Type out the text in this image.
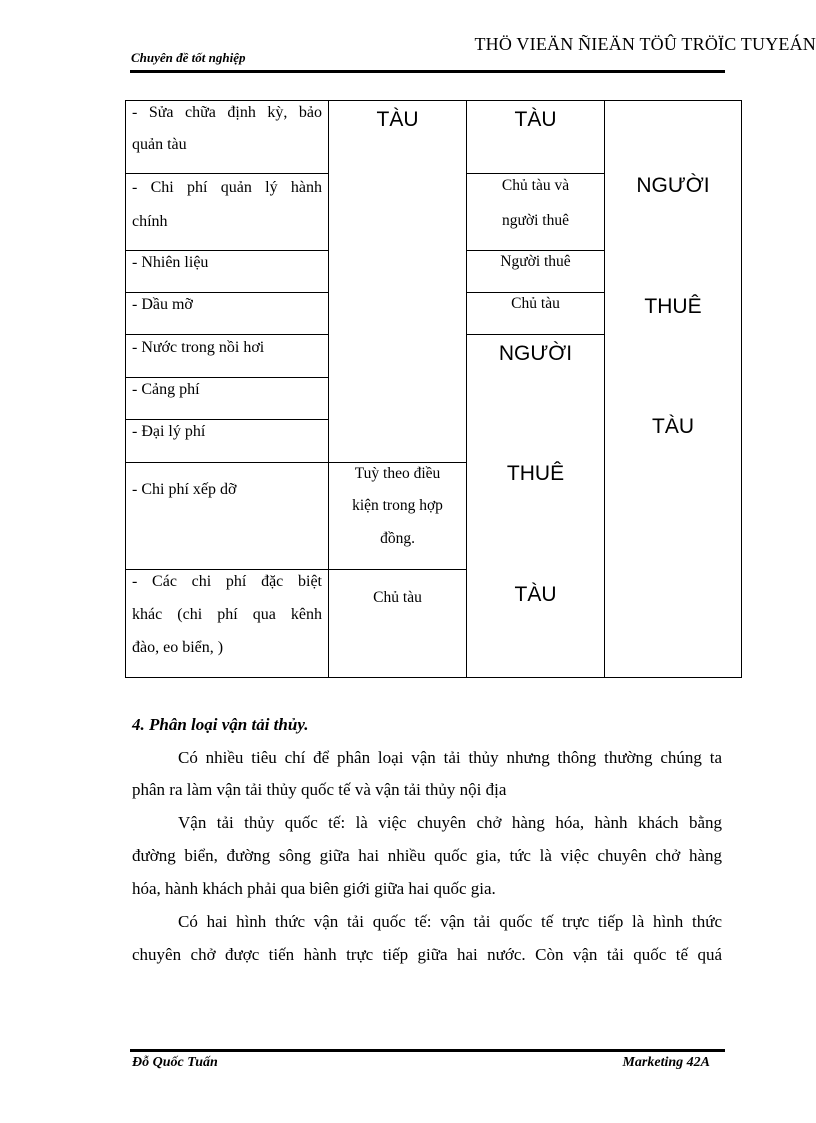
Chuyên đề tốt nghiệp
THÖ VIEÄN ÑIEÄN TÖÛ TRÖÏC TUYEÁN
- Sửa chữa định kỳ, bảo
quản tàu
- Chi phí quản lý hành
chính
- Nhiên liệu
- Dầu mỡ
- Nước trong nồi hơi
- Cảng phí
- Đại lý phí
- Chi phí xếp dỡ
- Các chi phí đặc biệt
khác (chi phí qua kênh
đào, eo biển, )
TÀU
Tuỳ theo điều
kiện trong hợp
đồng.
Chủ tàu
TÀU
Chủ tàu và
người thuê
Người thuê
Chủ tàu
NGƯỜI
THUÊ
TÀU
NGƯỜI
THUÊ
TÀU
4. Phân loại vận tải thủy.
Có nhiều tiêu chí để phân loại vận tải thủy nhưng thông thường chúng ta
phân ra làm vận tải thủy quốc tế và vận tải thủy nội địa
Vận tải thủy quốc tế: là việc chuyên chở hàng hóa, hành khách bằng
đường biển, đường sông giữa hai nhiều quốc gia, tức là việc chuyên chở hàng
hóa, hành khách phải qua biên giới giữa hai quốc gia.
Có hai hình thức vận tải quốc tế: vận tải quốc tế trực tiếp là hình thức
chuyên chở được tiến hành trực tiếp giữa hai nước. Còn vận tải quốc tế quá
Đỗ Quốc Tuấn	Marketing 42A
